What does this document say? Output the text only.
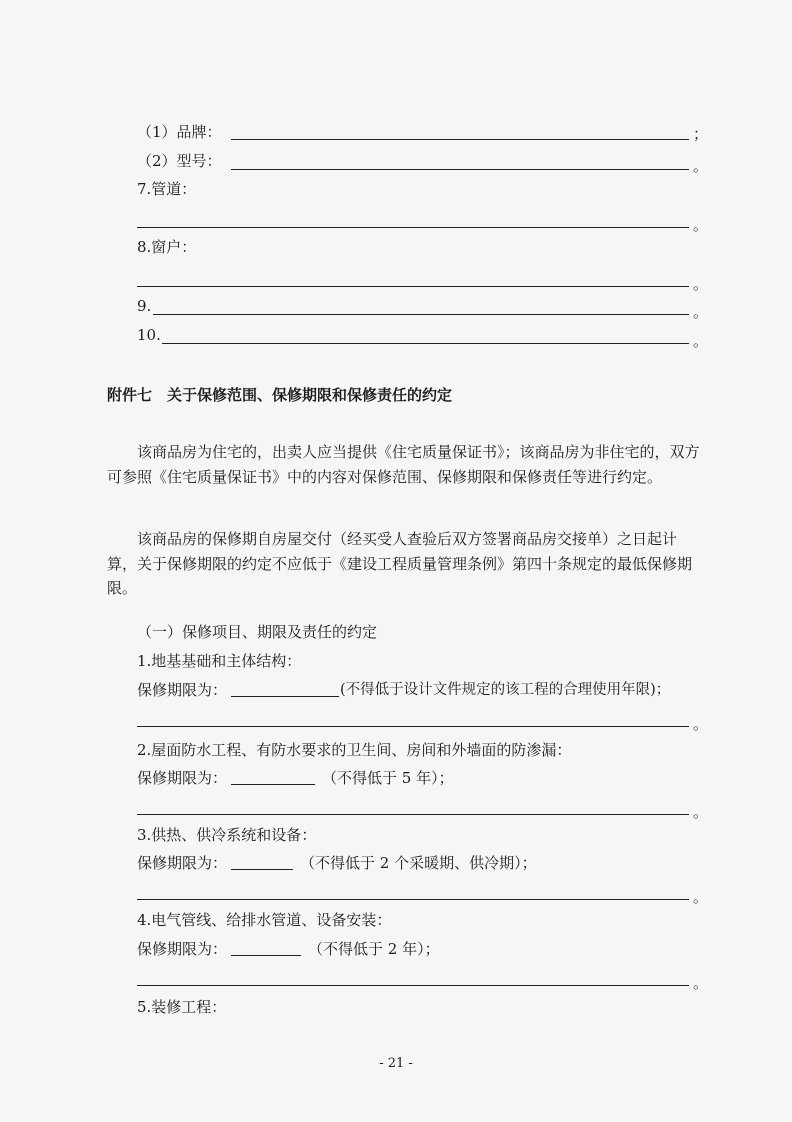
（1）品牌：	；
（2）型号：	。
7.管道：
。
8.窗户：
。
9.	。
10.	。
附件七　关于保修范围、保修期限和保修责任的约定
该商品房为住宅的，出卖人应当提供《住宅质量保证书》；该商品房为非住宅的，双方可参照《住宅质量保证书》中的内容对保修范围、保修期限和保修责任等进行约定。
该商品房的保修期自房屋交付（经买受人查验后双方签署商品房交接单）之日起计算，关于保修期限的约定不应低于《建设工程质量管理条例》第四十条规定的最低保修期限。
（一）保修项目、期限及责任的约定
1.地基基础和主体结构：
保修期限为：	(不得低于设计文件规定的该工程的合理使用年限)；
。
2.屋面防水工程、有防水要求的卫生间、房间和外墙面的防渗漏：
保修期限为：	（不得低于 5 年）；
。
3.供热、供冷系统和设备：
保修期限为：	（不得低于 2 个采暖期、供冷期）；
。
4.电气管线、给排水管道、设备安装：
保修期限为：	（不得低于 2 年）；
。
5.装修工程：
- 21 -
